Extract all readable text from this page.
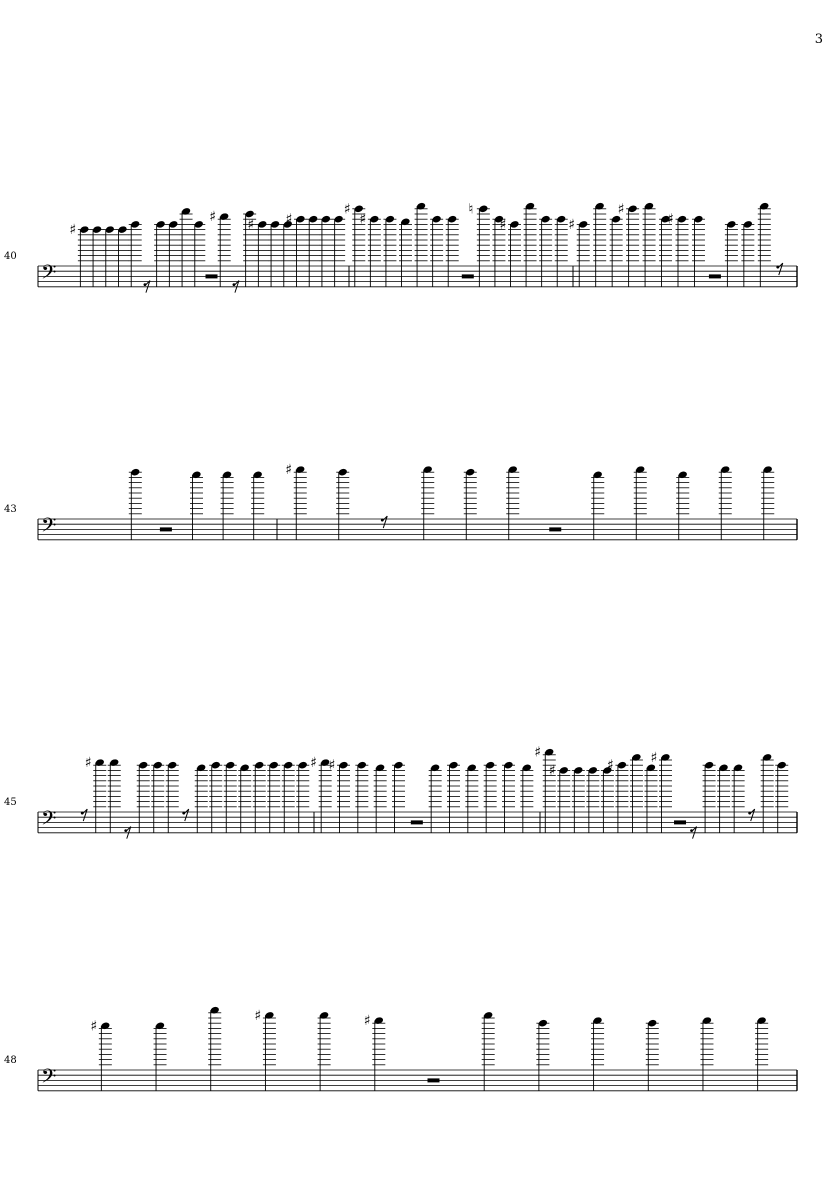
3
40
𝄢
♯
♯ ♯ ♯
♯
♯
♮
♯	♯
♯
♯
43
𝄢
♯
45
𝄢
♯	♯ ♯
♯
♯	♯	♯
48
𝄢
♯
♯	♯
